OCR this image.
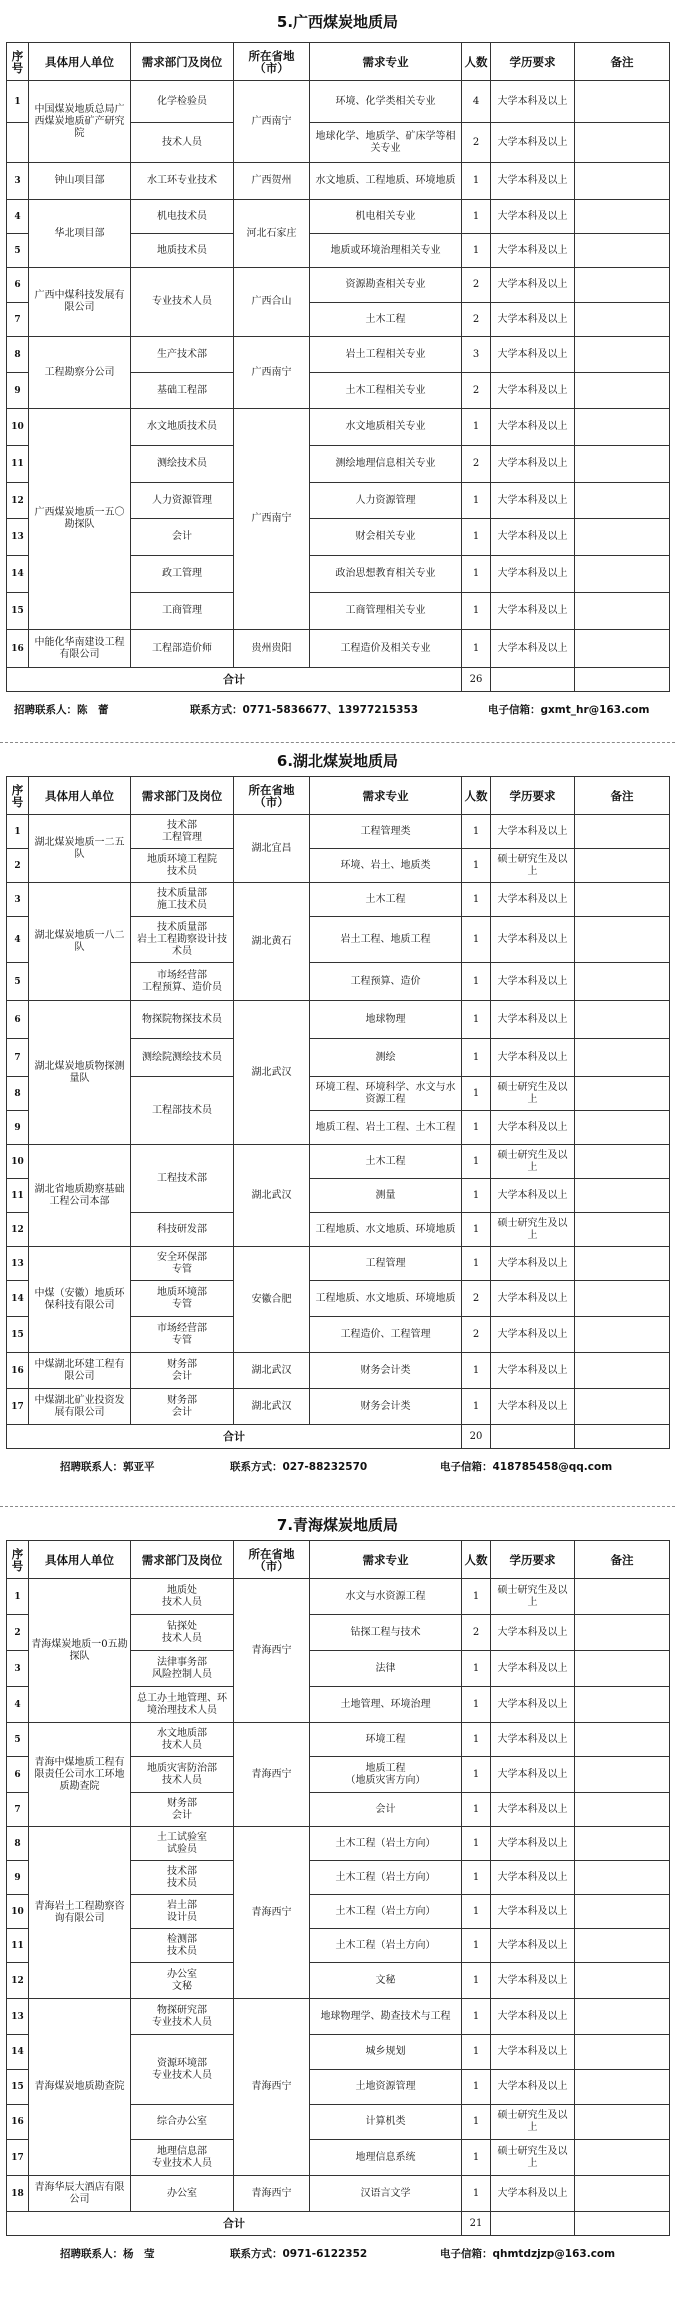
5.广西煤炭地质局
序号	具体用人单位	需求部门及岗位	所在省地（市）	需求专业	人数	学历要求	备注
1	中国煤炭地质总局广西煤炭地质矿产研究院	化学检验员	广西南宁	环境、化学类相关专业	4	大学本科及以上	
		技术人员		地球化学、地质学、矿床学等相关专业	2	大学本科及以上	
3	钟山项目部	水工环专业技术	广西贺州	水文地质、工程地质、环境地质	1	大学本科及以上	
4	华北项目部	机电技术员	河北石家庄	机电相关专业	1	大学本科及以上	
5		地质技术员		地质或环境治理相关专业	1	大学本科及以上	
6	广西中煤科技发展有限公司	专业技术人员	广西合山	资源勘查相关专业	2	大学本科及以上	
7				土木工程	2	大学本科及以上	
8	工程勘察分公司	生产技术部	广西南宁	岩土工程相关专业	3	大学本科及以上	
9		基础工程部		土木工程相关专业	2	大学本科及以上	
10	广西煤炭地质一五〇勘探队	水文地质技术员	广西南宁	水文地质相关专业	1	大学本科及以上	
11		测绘技术员		测绘地理信息相关专业	2	大学本科及以上	
12		人力资源管理		人力资源管理	1	大学本科及以上	
13		会计		财会相关专业	1	大学本科及以上	
14		政工管理		政治思想教育相关专业	1	大学本科及以上	
15		工商管理		工商管理相关专业	1	大学本科及以上	
16	中能化华南建设工程有限公司	工程部造价师	贵州贵阳	工程造价及相关专业	1	大学本科及以上	
合计					26		
招聘联系人：陈　蕾	联系方式：0771-5836677、13977215353	电子信箱：gxmt_hr@163.com
6.湖北煤炭地质局
序号	具体用人单位	需求部门及岗位	所在省地（市）	需求专业	人数	学历要求	备注
1	湖北煤炭地质一二五队	技术部
工程管理	湖北宜昌	工程管理类	1	大学本科及以上	
2		地质环境工程院
技术员		环境、岩土、地质类	1	硕士研究生及以上	
3	湖北煤炭地质一八二队	技术质量部
施工技术员	湖北黄石	土木工程	1	大学本科及以上	
4		技术质量部
岩土工程勘察设计技术员		岩土工程、地质工程	1	大学本科及以上	
5		市场经营部
工程预算、造价员		工程预算、造价	1	大学本科及以上	
6	湖北煤炭地质物探测量队	物探院物探技术员	湖北武汉	地球物理	1	大学本科及以上	
7		测绘院测绘技术员		测绘	1	大学本科及以上	
8		工程部技术员		环境工程、环境科学、水文与水资源工程	1	硕士研究生及以上	
9				地质工程、岩土工程、土木工程	1	大学本科及以上	
10	湖北省地质勘察基础工程公司本部	工程技术部	湖北武汉	土木工程	1	硕士研究生及以上	
11				测量	1	大学本科及以上	
12		科技研发部		工程地质、水文地质、环境地质	1	硕士研究生及以上	
13	中煤（安徽）地质环保科技有限公司	安全环保部
专管	安徽合肥	工程管理	1	大学本科及以上	
14		地质环境部
专管		工程地质、水文地质、环境地质	2	大学本科及以上	
15		市场经营部
专管		工程造价、工程管理	2	大学本科及以上	
16	中煤湖北环建工程有限公司	财务部
会计	湖北武汉	财务会计类	1	大学本科及以上	
17	中煤湖北矿业投资发展有限公司	财务部
会计	湖北武汉	财务会计类	1	大学本科及以上	
合计					20		
招聘联系人：郭亚平	联系方式：027-88232570	电子信箱：418785458@qq.com
7.青海煤炭地质局
序号	具体用人单位	需求部门及岗位	所在省地（市）	需求专业	人数	学历要求	备注
1	青海煤炭地质一0五勘探队	地质处
技术人员	青海西宁	水文与水资源工程	1	硕士研究生及以上	
2		钻探处
技术人员		钻探工程与技术	2	大学本科及以上	
3		法律事务部
风险控制人员		法律	1	大学本科及以上	
4		总工办土地管理、环境治理技术人员		土地管理、环境治理	1	大学本科及以上	
5	青海中煤地质工程有限责任公司水工环地质勘查院	水文地质部
技术人员	青海西宁	环境工程	1	大学本科及以上	
6		地质灾害防治部
技术人员		地质工程
（地质灾害方向）	1	大学本科及以上	
7		财务部
会计		会计	1	大学本科及以上	
8	青海岩土工程勘察咨询有限公司	土工试验室
试验员	青海西宁	土木工程（岩土方向）	1	大学本科及以上	
9		技术部
技术员		土木工程（岩土方向）	1	大学本科及以上	
10		岩土部
设计员		土木工程（岩土方向）	1	大学本科及以上	
11		检测部
技术员		土木工程（岩土方向）	1	大学本科及以上	
12		办公室
文秘		文秘	1	大学本科及以上	
13	青海煤炭地质勘查院	物探研究部
专业技术人员	青海西宁	地球物理学、勘查技术与工程	1	大学本科及以上	
14		资源环境部
专业技术人员		城乡规划	1	大学本科及以上	
15				土地资源管理	1	大学本科及以上	
16		综合办公室		计算机类	1	硕士研究生及以上	
17		地理信息部
专业技术人员		地理信息系统	1	硕士研究生及以上	
18	青海华辰大酒店有限公司	办公室	青海西宁	汉语言文学	1	大学本科及以上	
合计					21		
招聘联系人：杨　莹	联系方式：0971-6122352	电子信箱：qhmtdzjzp@163.com
